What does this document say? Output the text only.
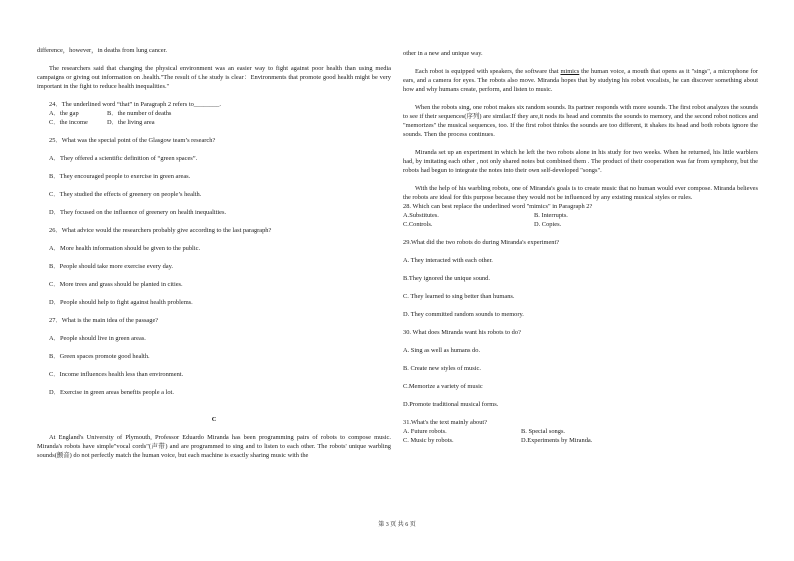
difference，however，in deaths from lung cancer.

The researchers said that changing the physical environment was an easier way to fight against poor health than using media campaigns or giving out information on .health."The result of t.he study is clear：Environments that promote good health might be very important in the fight to reduce health inequalities."

24．The underlined word “that” in Paragraph 2 refers to________.

A．the gap	B．the number of deaths
C．the income	D．the living area

25．What was the special point of the Glasgow team’s research?

A．They offered a scientific definition of “green spaces”.

B．They encouraged people to exercise in green areas.

C．They studied the effects of greenery on people’s health.

D．They focused on the influence of greenery on health inequalities.

26．What advice would the researchers probably give according to the last paragraph?

A．More health information should be given to the public.

B．People should take more exercise every day.

C．More trees and grass should be planted in cities.

D．People should help to fight against health problems.

27．What is the main idea of the passage?

A．People should live in green areas.

B．Green spaces promote good health.

C．Income influences health less than environment.

D．Exercise in green areas benefits people a lot.

C

At England's University of Plymouth, Professor Eduardo Miranda has been programming pairs of robots to compose music. Miranda's robots have simple"vocal cords"(声带) and are programmed to sing and to listen to each other. The robots' unique warbling sounds(颤音) do not perfectly match the human voice, but each machine is exactly sharing music with the

other in a new and unique way.

Each robot is equipped with speakers, the software that mimics the human voice, a mouth that opens as it "sings", a microphone for ears, and a camera for eyes. The robots also move. Miranda hopes that by studying his robot vocalists, he can discover something about how and why humans create, perform, and listen to music.

When the robots sing, one robot makes six random sounds. Its partner responds with more sounds. The first robot analyzes the sounds to see if their sequences(序列) are similar.If they are,it nods its head and commits the sounds to memory, and the second robot notices and "memorizes" the musical sequences, too. If the first robot thinks the sounds are too different, it shakes its head and both robots ignore the sounds. Then the process continues.

Miranda set up an experiment in which he left the two robots alone in his study for two weeks. When he returned, his little warblers had, by imitating each other , not only shared notes but combined them . The product of their cooperation was far from symphony, but the robots had begun to integrate the notes into their own self-developed "songs".

With the help of his warbling robots, one of Miranda's goals is to create music that no human would ever compose. Miranda believes the robots are ideal for this purpose because they would not be influenced by any existing musical styles or rules.

28. Which can best replace the underlined word "mimics" in Paragraph 2?

A.Substitutes.	B. Interrupts.
C.Controls.	D. Copies.

29.What did the two robots do during Miranda's experiment?

A. They interacted with each other.

B.They ignored the unique sound.

C. They learned to sing better than humans.

D. They committed random sounds to memory.

30. What does Miranda want his robots to do?

A. Sing as well as humans do.

B. Create new styles of music.

C.Memorize a variety of music

D.Promote traditional musical forms.

31.What's the text mainly about?

A. Future robots.	B. Special songs.
C. Music by robots.	D.Experiments by Miranda.
第 3 页 共 6 页
